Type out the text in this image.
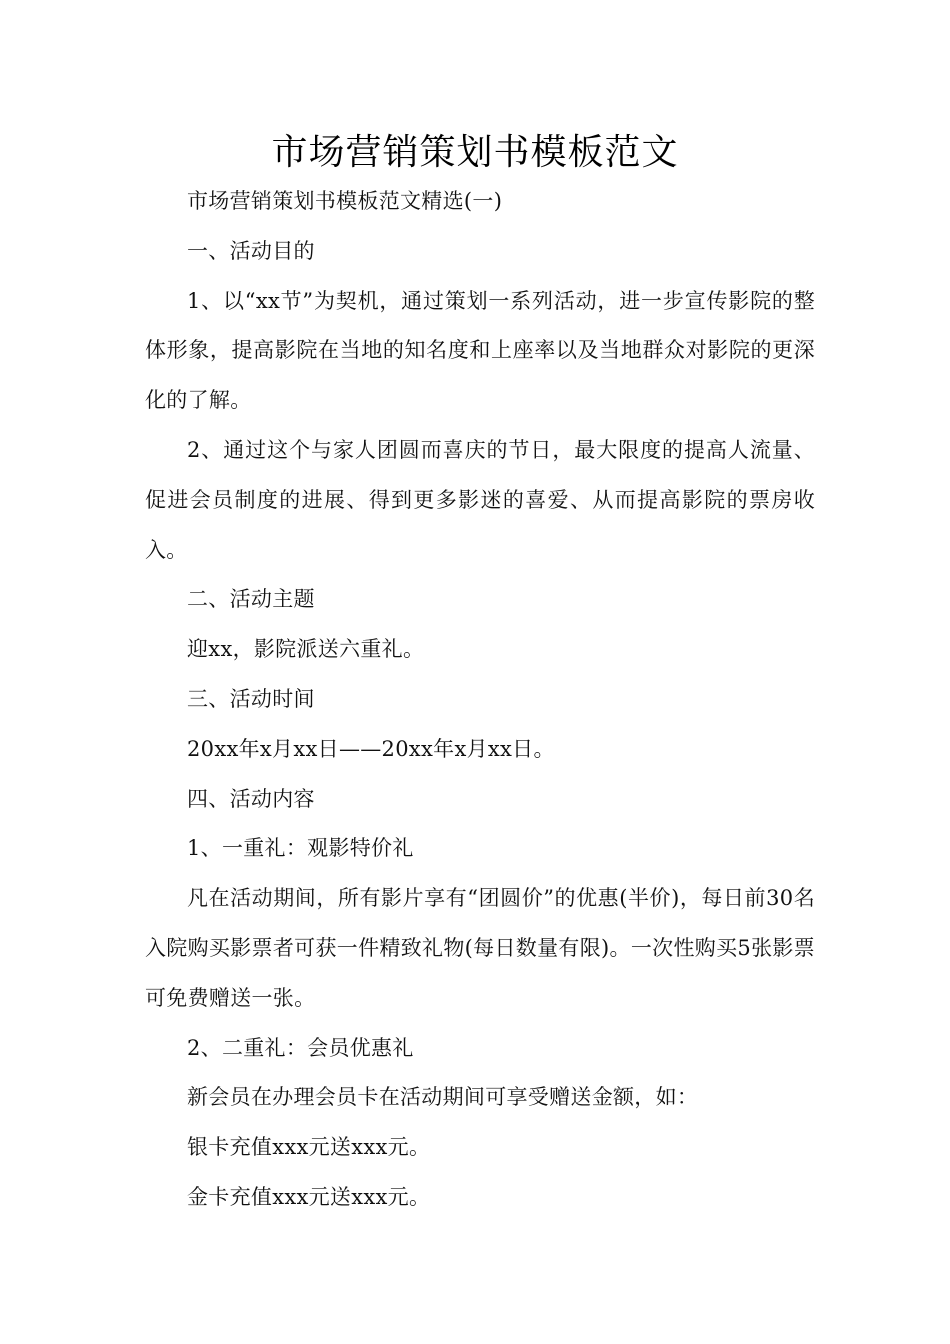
市场营销策划书模板范文

市场营销策划书模板范文精选(一)

一、活动目的

1、以“xx节”为契机，通过策划一系列活动，进一步宣传影院的整体形象，提高影院在当地的知名度和上座率以及当地群众对影院的更深化的了解。

2、通过这个与家人团圆而喜庆的节日，最大限度的提高人流量、促进会员制度的进展、得到更多影迷的喜爱、从而提高影院的票房收入。

二、活动主题

迎xx，影院派送六重礼。

三、活动时间

20xx年x月xx日——20xx年x月xx日。

四、活动内容

1、一重礼：观影特价礼

凡在活动期间，所有影片享有“团圆价”的优惠(半价)，每日前30名入院购买影票者可获一件精致礼物(每日数量有限)。一次性购买5张影票可免费赠送一张。

2、二重礼：会员优惠礼

新会员在办理会员卡在活动期间可享受赠送金额，如：

银卡充值xxx元送xxx元。

金卡充值xxx元送xxx元。
